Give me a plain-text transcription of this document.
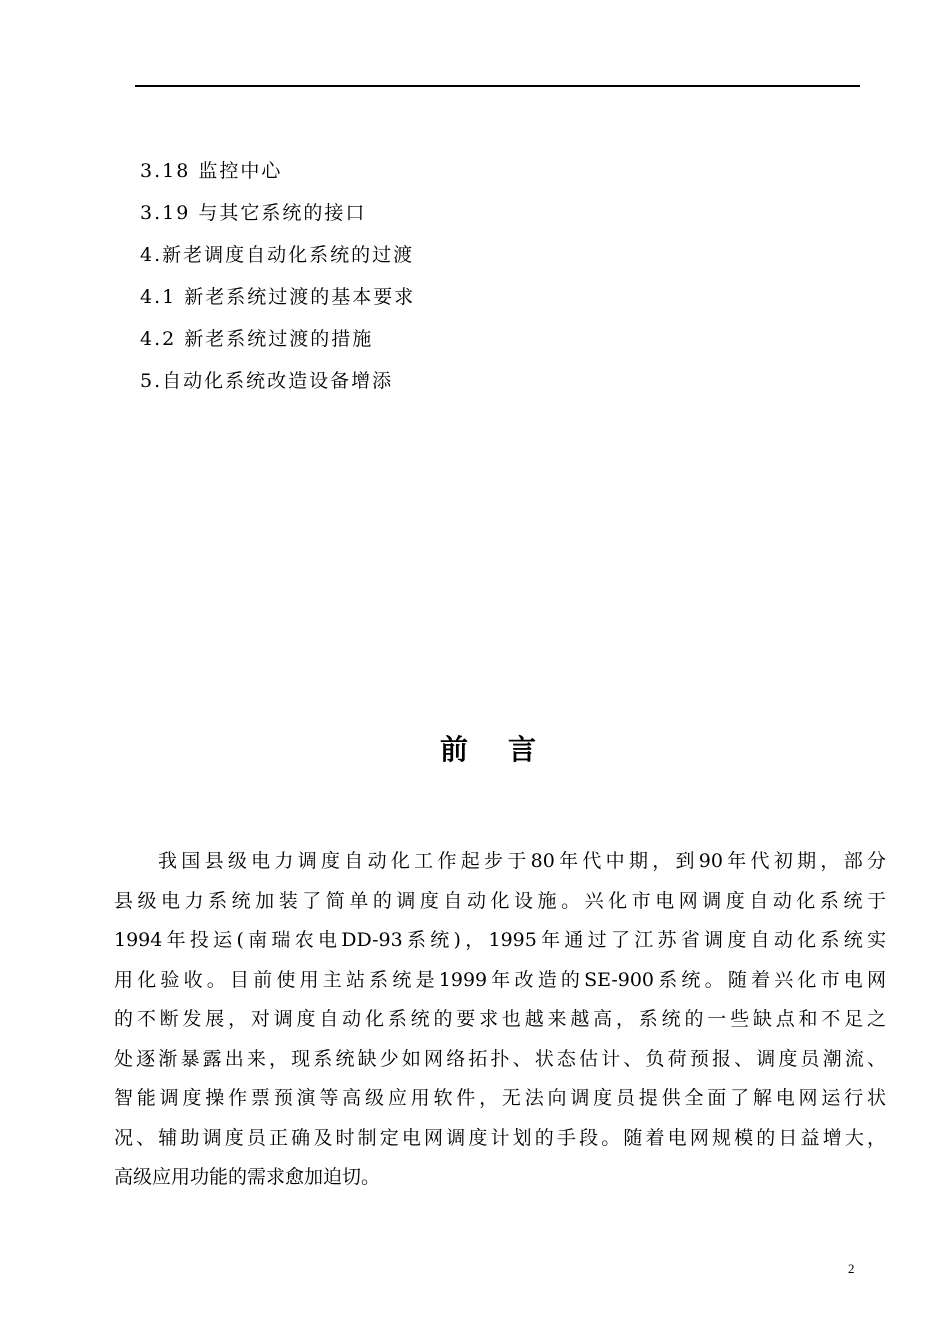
3.18 监控中心
3.19 与其它系统的接口
4.新老调度自动化系统的过渡
4.1 新老系统过渡的基本要求
4.2 新老系统过渡的措施
5.自动化系统改造设备增添
前言
我国县级电力调度自动化工作起步于80年代中期，到90年代初期，部分
县级电力系统加装了简单的调度自动化设施。兴化市电网调度自动化系统于
1994年投运(南瑞农电DD-93系统)，1995年通过了江苏省调度自动化系统实
用化验收。目前使用主站系统是1999年改造的SE-900系统。随着兴化市电网
的不断发展，对调度自动化系统的要求也越来越高，系统的一些缺点和不足之
处逐渐暴露出来，现系统缺少如网络拓扑、状态估计、负荷预报、调度员潮流、
智能调度操作票预演等高级应用软件，无法向调度员提供全面了解电网运行状
况、辅助调度员正确及时制定电网调度计划的手段。随着电网规模的日益增大，
高级应用功能的需求愈加迫切。
2
